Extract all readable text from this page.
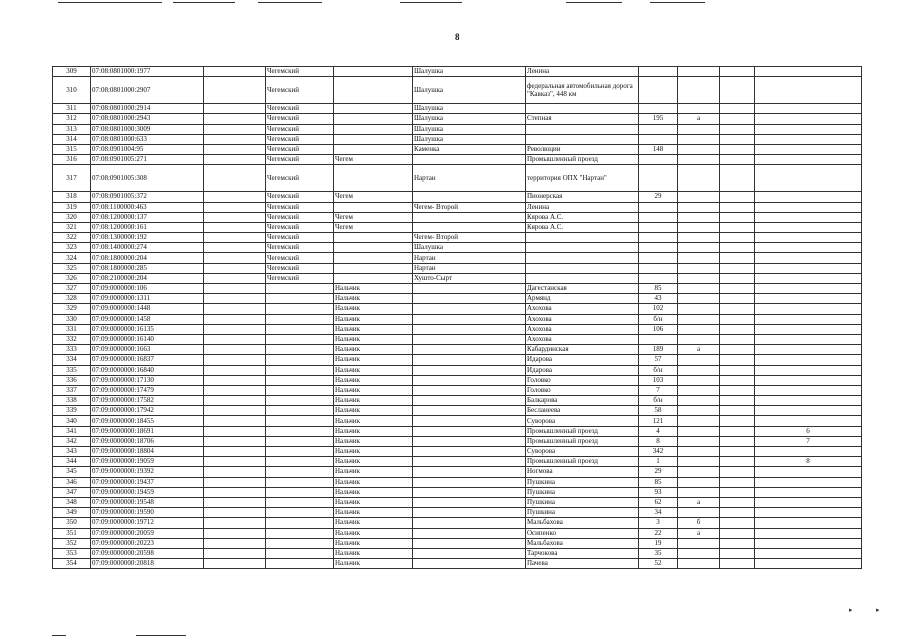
8
309	07:08:0801000:1977		Чегемский		Шалушка	Ленина				
310	07:08:0801000:2907		Чегемский		Шалушка	федеральная автомобильная дорога "Кавказ", 448 км				
311	07:08:0801000:2914		Чегемский		Шалушка					
312	07:08:0801000:2943		Чегемский		Шалушка	Степная	195	а		
313	07:08:0801000:3009		Чегемский		Шалушка					
314	07:08:0801000:633		Чегемский		Шалушка					
315	07:08:0901004:95		Чегемский		Каменка	Революции	148			
316	07:08:0901005:271		Чегемский	Чегем		Промышленный проезд				
317	07:08:0901005:308		Чегемский		Нартан	территория ОПХ "Нартан"				
318	07:08:0901005:372		Чегемский	Чегем		Пионерская	29			
319	07:08:1100000:463		Чегемский		Чегем- Второй	Ленина				
320	07:08:1200000:137		Чегемский	Чегем		Кярова А.С.				
321	07:08:1200000:161		Чегемский	Чегем		Кярова А.С.				
322	07:08:1300000:192		Чегемский		Чегем- Второй					
323	07:08:1400000:274		Чегемский		Шалушка					
324	07:08:1800000:204		Чегемский		Нартан					
325	07:08:1800000:285		Чегемский		Нартан					
326	07:08:2100000:204		Чегемский		Хушто-Сырт					
327	07:09:0000000:106			Нальчик		Дагестанская	85			
328	07:09:0000000:1311			Нальчик		Армянд	43			
329	07:09:0000000:1448			Нальчик		Ахохова	102			
330	07:09:0000000:1458			Нальчик		Ахохова	б/н			
331	07:09:0000000:16135			Нальчик		Ахохова	106			
332	07:09:0000000:16140			Нальчик		Ахохова				
333	07:09:0000000:1663			Нальчик		Кабардинская	189	а		
334	07:09:0000000:16837			Нальчик		Идарова	57			
335	07:09:0000000:16840			Нальчик		Идарова	б/н			
336	07:09:0000000:17130			Нальчик		Головко	103			
337	07:09:0000000:17479			Нальчик		Головко	7			
338	07:09:0000000:17582			Нальчик		Балкарова	б/н			
339	07:09:0000000:17942			Нальчик		Бесланеева	58			
340	07:09:0000000:18455			Нальчик		Суворова	121			
341	07:09:0000000:18691			Нальчик		Промышленный проезд	4			6
342	07:09:0000000:18706			Нальчик		Промышленный проезд	8			7
343	07:09:0000000:18804			Нальчик		Суворова	342			
344	07:09:0000000:19059			Нальчик		Промышленный проезд	1			8
345	07:09:0000000:19392			Нальчик		Ногмова	29			
346	07:09:0000000:19437			Нальчик		Пушкина	85			
347	07:09:0000000:19459			Нальчик		Пушкина	93			
348	07:09:0000000:19548			Нальчик		Пушкина	62	а		
349	07:09:0000000:19590			Нальчик		Пушкина	34			
350	07:09:0000000:19712			Нальчик		Мальбахова	3	б		
351	07:09:0000000:20059			Нальчик		Осипенко	22	а		
352	07:09:0000000:20223			Нальчик		Мальбахова	19			
353	07:09:0000000:20598			Нальчик		Тарчокова	35			
354	07:09:0000000:20818			Нальчик		Пачева	52			
▸	▸
